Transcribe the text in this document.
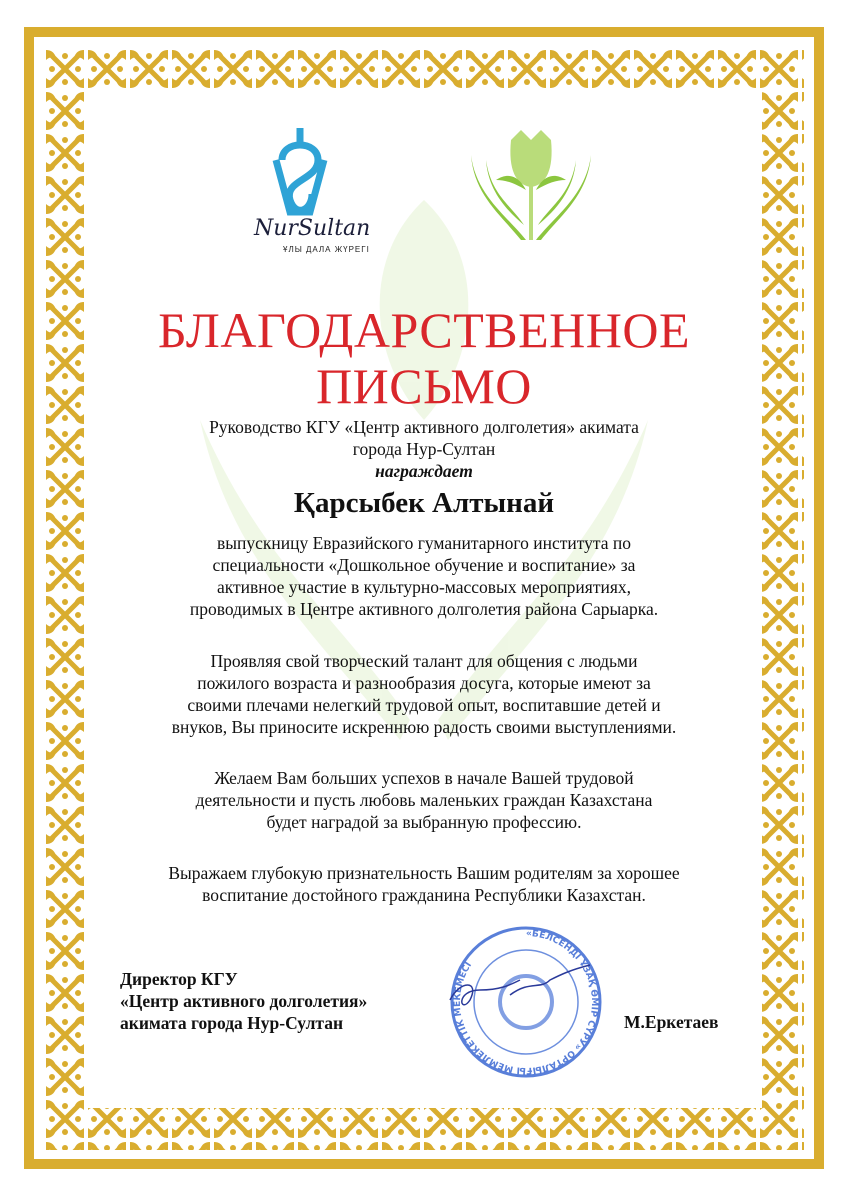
NurSultan
ҰЛЫ ДАЛА ЖҮРЕГІ
БЛАГОДАРСТВЕННОЕ
ПИСЬМО
Руководство КГУ «Центр активного долголетия» акимата
города Нур-Султан
награждает
Қарсыбек Алтынай
выпускницу Евразийского гуманитарного института по
специальности «Дошкольное обучение и воспитание» за
активное участие в культурно-массовых мероприятиях,
проводимых в Центре активного долголетия района Сарыарка.
Проявляя свой творческий талант для общения с людьми
пожилого возраста и разнообразия досуга, которые имеют за
своими плечами нелегкий трудовой опыт, воспитавшие детей и
внуков, Вы приносите искреннюю радость своими выступлениями.
Желаем Вам больших успехов в начале Вашей трудовой
деятельности и пусть любовь маленьких граждан Казахстана
будет наградой за выбранную профессию.
Выражаем глубокую признательность Вашим родителям за хорошее
воспитание достойного гражданина Республики Казахстан.
Директор КГУ
«Центр активного долголетия»
акимата города Нур-Султан
«БЕЛСЕНДІ ҰЗАҚ ӨМІР СҮРУ» ОРТАЛЫҒЫ МЕМЛЕКЕТТІК МЕКЕМЕСІ
М.Еркетаев
